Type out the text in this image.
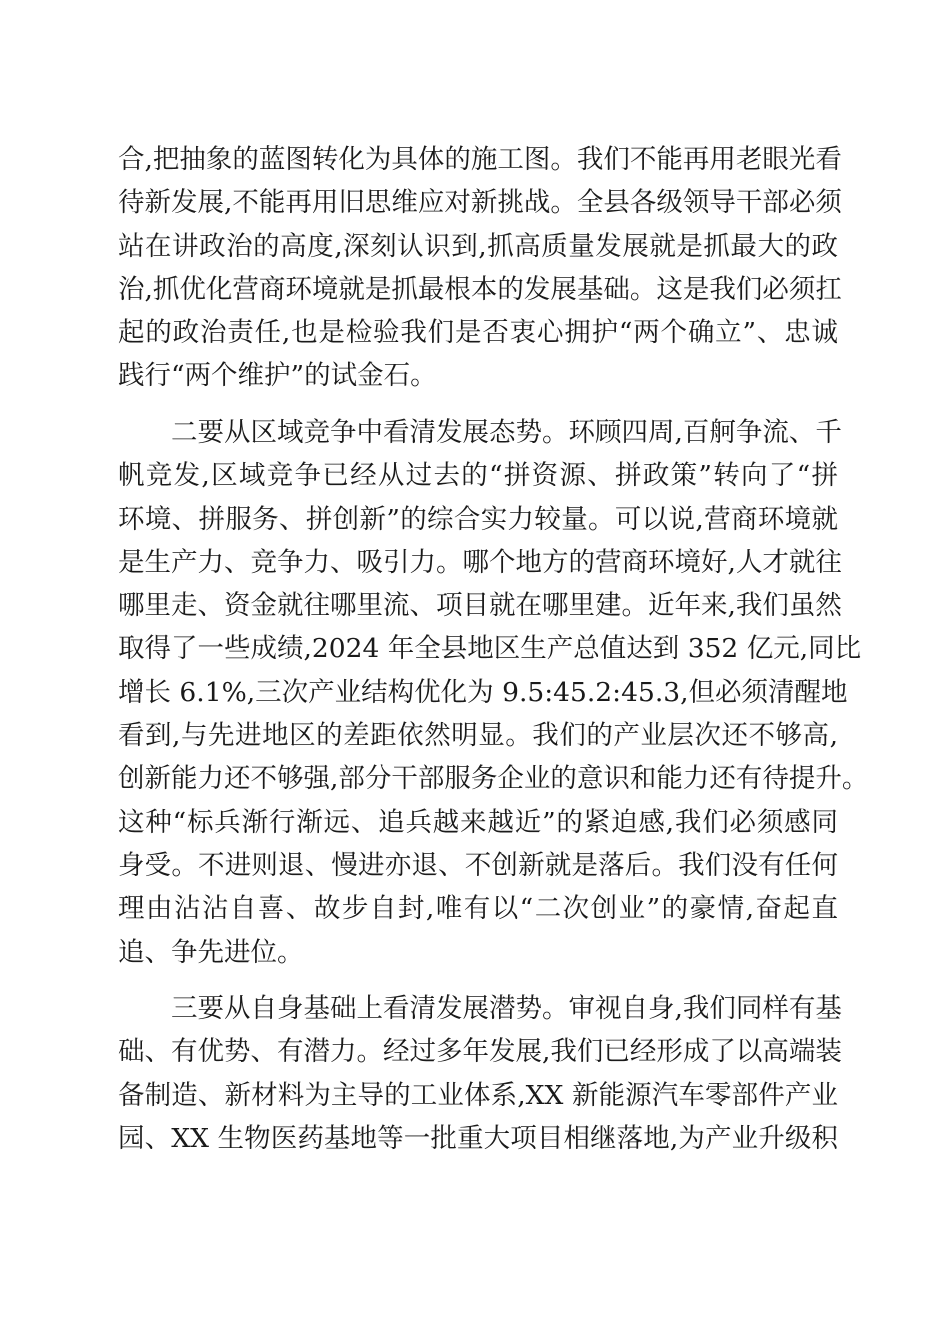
合,把抽象的蓝图转化为具体的施工图。我们不能再用老眼光看
待新发展,不能再用旧思维应对新挑战。全县各级领导干部必须
站在讲政治的高度,深刻认识到,抓高质量发展就是抓最大的政
治,抓优化营商环境就是抓最根本的发展基础。这是我们必须扛
起的政治责任,也是检验我们是否衷心拥护“两个确立”、忠诚
践行“两个维护”的试金石。
二要从区域竞争中看清发展态势。环顾四周,百舸争流、千
帆竞发,区域竞争已经从过去的“拼资源、拼政策”转向了“拼
环境、拼服务、拼创新”的综合实力较量。可以说,营商环境就
是生产力、竞争力、吸引力。哪个地方的营商环境好,人才就往
哪里走、资金就往哪里流、项目就在哪里建。近年来,我们虽然
取得了一些成绩,2024 年全县地区生产总值达到 352 亿元,同比
增长 6.1%,三次产业结构优化为 9.5:45.2:45.3,但必须清醒地
看到,与先进地区的差距依然明显。我们的产业层次还不够高,
创新能力还不够强,部分干部服务企业的意识和能力还有待提升。
这种“标兵渐行渐远、追兵越来越近”的紧迫感,我们必须感同
身受。不进则退、慢进亦退、不创新就是落后。我们没有任何
理由沾沾自喜、故步自封,唯有以“二次创业”的豪情,奋起直
追、争先进位。
三要从自身基础上看清发展潜势。审视自身,我们同样有基
础、有优势、有潜力。经过多年发展,我们已经形成了以高端装
备制造、新材料为主导的工业体系,XX 新能源汽车零部件产业
园、XX 生物医药基地等一批重大项目相继落地,为产业升级积
